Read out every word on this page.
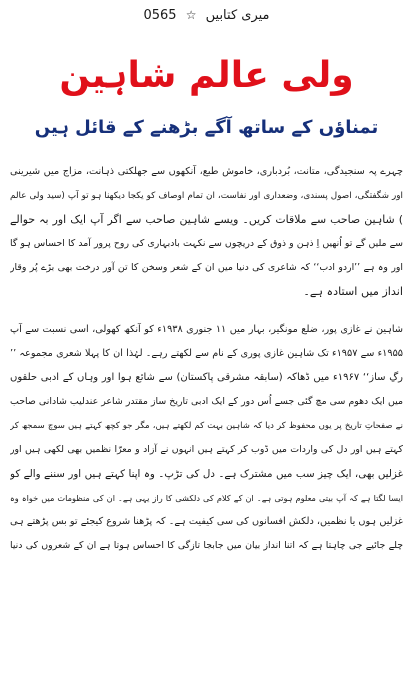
میری کتابیں ☆ 0565
ولی عالم شاہین
تمناؤں کے ساتھ آگے بڑھنے کے قائل ہیں
چہرے پہ سنجیدگی، متانت، بُردباری، خاموش طبع، آنکھوں سے جھلکتی ذہانت، مزاج میں شیرینی
اور شگفتگی، اصول پسندی، وضعداری اور نفاست، ان تمام اوصاف کو یکجا دیکھنا ہو تو آپ (سید ولی عالم
) شاہین صاحب سے ملاقات کریں۔ ویسے شاہین صاحب سے اگر آپ ایک اور بہ حوالے
سے ملیں گے تو اُنھیں اِ ذہن و ذوق کے دریچوں سے نکہت بادبہاری کی روح پرور آمد کا احساس ہو گا
اور وہ ہے ’’اردو ادب‘‘ کہ شاعری کی دنیا میں ان کے شعر وسخن کا تن آور درخت بھی بڑے پُر وقار
انداز میں استادہ ہے۔
شاہین نے غازی پور، ضلع مونگیر، بہار میں ۱۱ جنوری ۱۹۳۸ء کو آنکھ کھولی، اسی نسبت سے آپ
۱۹۵۵ء سے ۱۹۵۷ء تک شاہین غازی پوری کے نام سے لکھتے رہے۔ لہٰذا ان کا پہلا شعری مجموعہ ’’
رگِ ساز‘‘ ۱۹۶۷ء میں ڈھاکہ (سابقہ مشرقی پاکستان) سے شائع ہوا اور وہاں کے ادبی حلقوں
میں ایک دھوم سی مچ گئی جسے اُس دور کے ایک ادبی تاریخ ساز مقتدر شاعر عندلیب شادانی صاحب
نے صفحاتِ تاریخ پر یوں محفوظ کر دیا کہ شاہین بہت کم لکھتے ہیں، مگر جو کچھ کہتے ہیں سوچ سمجھ کر
کہتے ہیں اور دل کی واردات میں ڈوب کر کہتے ہیں انہوں نے آزاد و معرّا نظمیں بھی لکھی ہیں اور
غزلیں بھی، ایک چیز سب میں مشترک ہے۔ دل کی تڑپ۔ وہ اپنا کہتے ہیں اور سننے والے کو
ایسا لگتا ہے کہ آپ بیتی معلوم ہوتی ہے۔ ان کے کلام کی دلکشی کا راز یہی ہے۔ ان کی منظومات میں خواہ وہ
غزلیں ہوں یا نظمیں، دلکش افسانوں کی سی کیفیت ہے۔ کہ پڑھنا شروع کیجئے تو بس پڑھتے ہی
چلے جائیے جی چاہتا ہے کہ اتنا انداز بیان میں جابجا تازگی کا احساس ہوتا ہے ان کے شعروں کی دنیا
